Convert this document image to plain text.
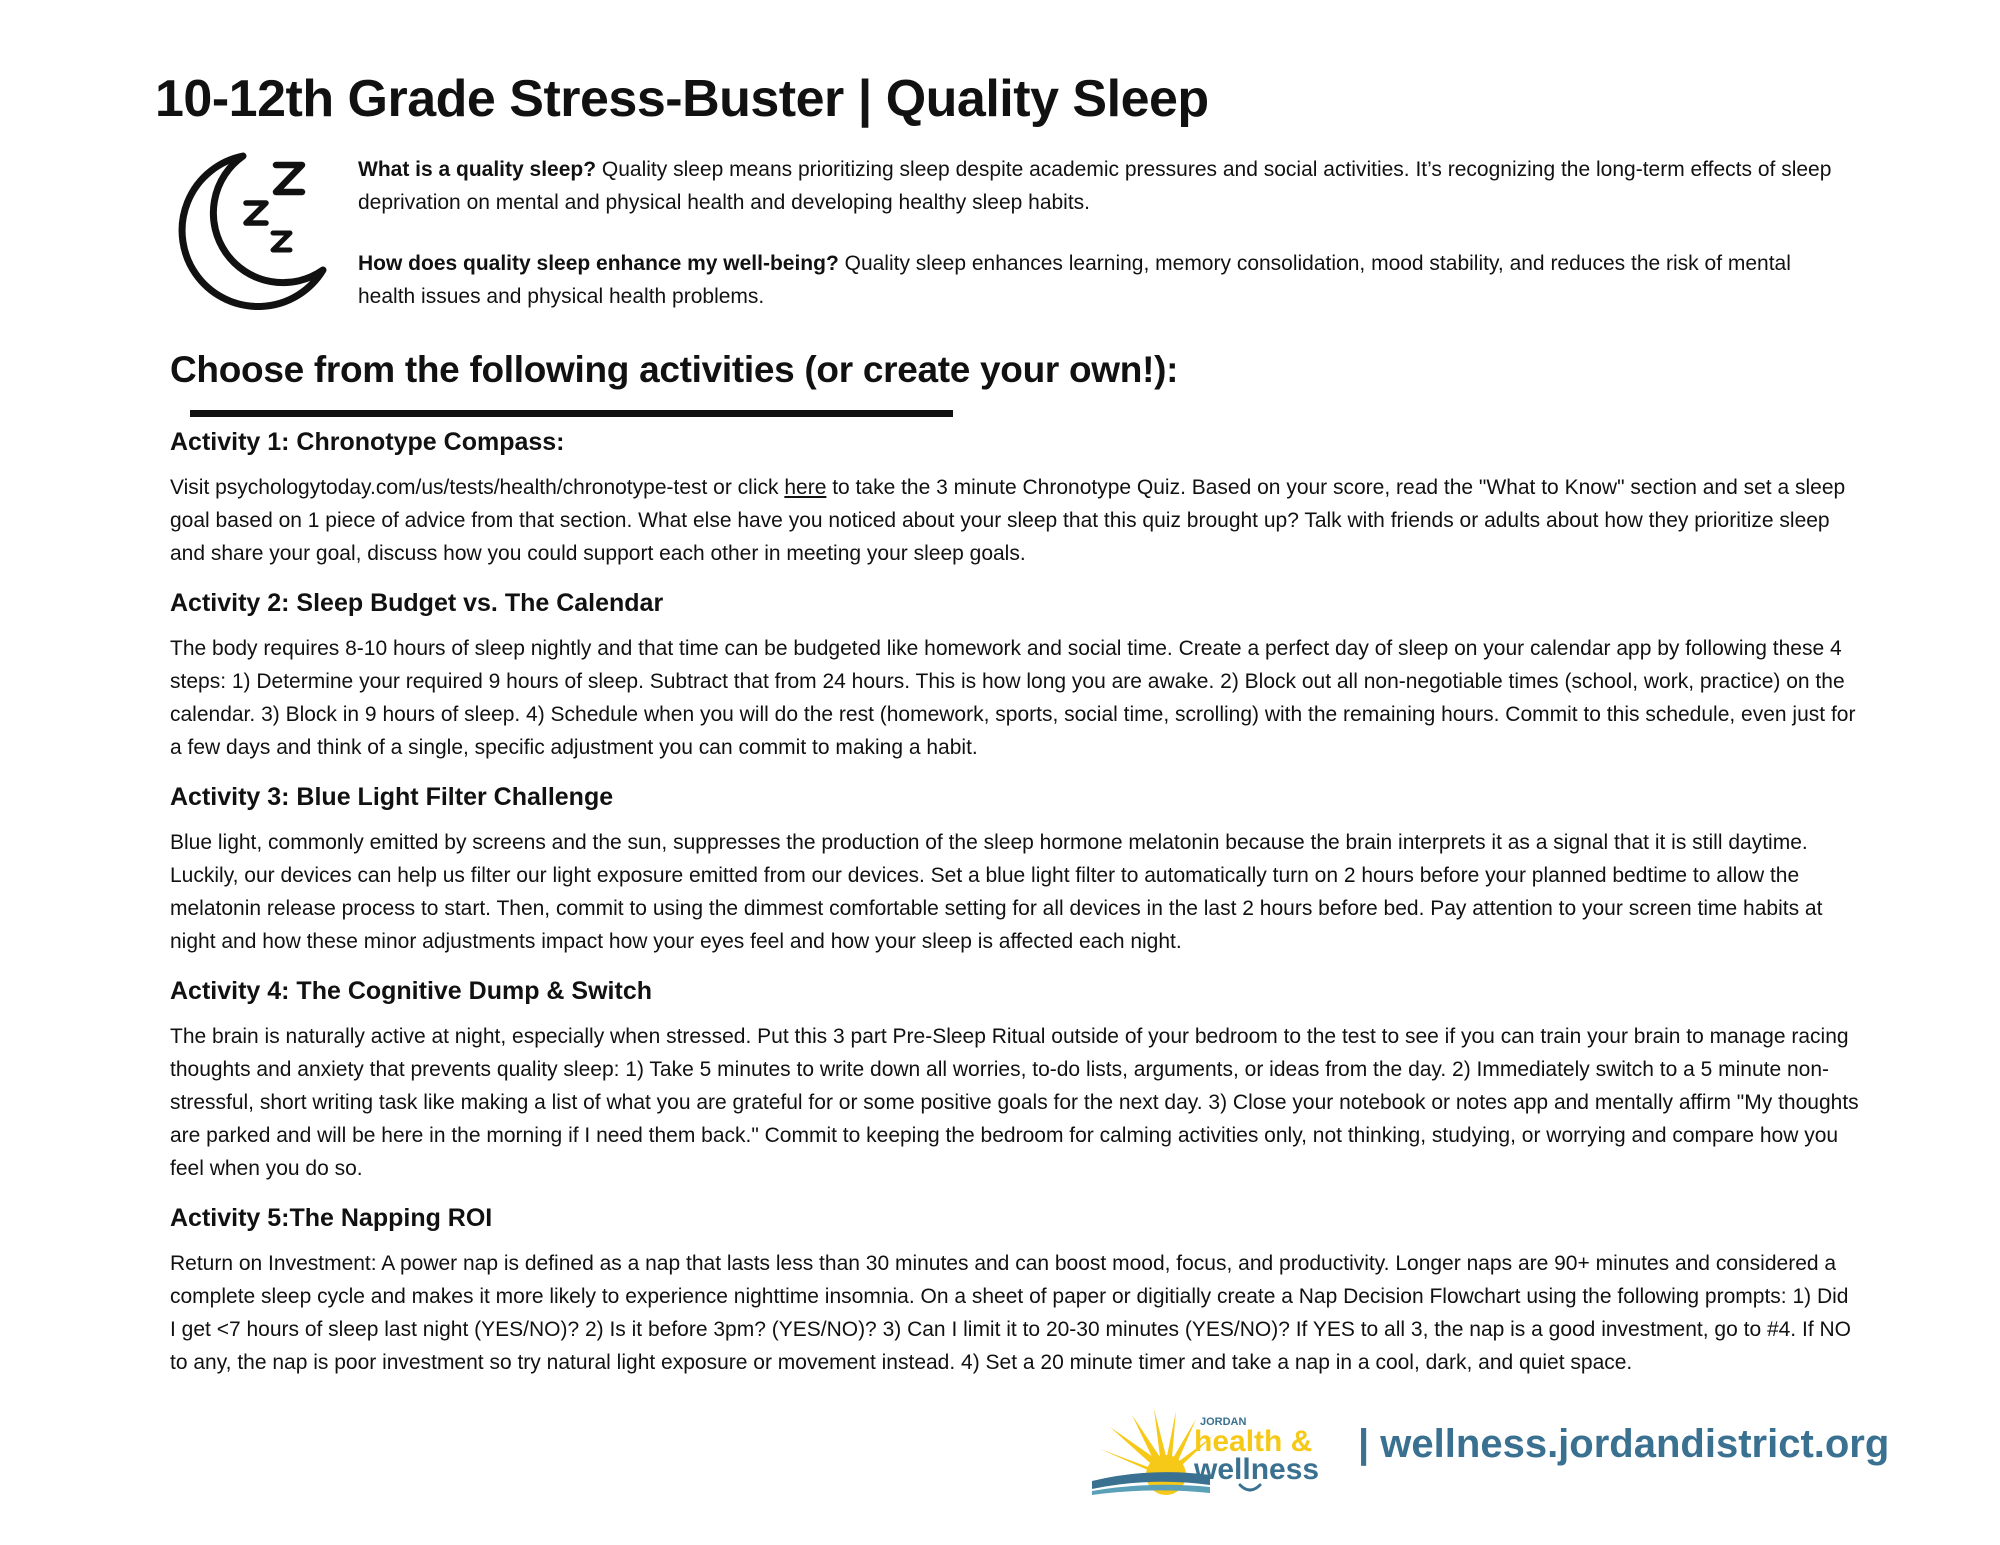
10-12th Grade Stress-Buster | Quality Sleep

What is a quality sleep? Quality sleep means prioritizing sleep despite academic pressures and social activities. It’s recognizing the long-term effects of sleep deprivation on mental and physical health and developing healthy sleep habits.

How does quality sleep enhance my well-being? Quality sleep enhances learning, memory consolidation, mood stability, and reduces the risk of mental health issues and physical health problems.

Choose from the following activities (or create your own!):
Activity 1: Chronotype Compass:

Visit psychologytoday.com/us/tests/health/chronotype-test or click here to take the 3 minute Chronotype Quiz. Based on your score, read the "What to Know" section and set a sleep goal based on 1 piece of advice from that section. What else have you noticed about your sleep that this quiz brought up? Talk with friends or adults about how they prioritize sleep and share your goal, discuss how you could support each other in meeting your sleep goals.

Activity 2: Sleep Budget vs. The Calendar

The body requires 8-10 hours of sleep nightly and that time can be budgeted like homework and social time. Create a perfect day of sleep on your calendar app by following these 4 steps: 1) Determine your required 9 hours of sleep. Subtract that from 24 hours. This is how long you are awake. 2) Block out all non-negotiable times (school, work, practice) on the calendar. 3) Block in 9 hours of sleep. 4) Schedule when you will do the rest (homework, sports, social time, scrolling) with the remaining hours. Commit to this schedule, even just for a few days and think of a single, specific adjustment you can commit to making a habit.

Activity 3: Blue Light Filter Challenge

Blue light, commonly emitted by screens and the sun, suppresses the production of the sleep hormone melatonin because the brain interprets it as a signal that it is still daytime. Luckily, our devices can help us filter our light exposure emitted from our devices. Set a blue light filter to automatically turn on 2 hours before your planned bedtime to allow the melatonin release process to start. Then, commit to using the dimmest comfortable setting for all devices in the last 2 hours before bed. Pay attention to your screen time habits at night and how these minor adjustments impact how your eyes feel and how your sleep is affected each night.

Activity 4: The Cognitive Dump & Switch

The brain is naturally active at night, especially when stressed. Put this 3 part Pre-Sleep Ritual outside of your bedroom to the test to see if you can train your brain to manage racing thoughts and anxiety that prevents quality sleep: 1) Take 5 minutes to write down all worries, to-do lists, arguments, or ideas from the day. 2) Immediately switch to a 5 minute non-stressful, short writing task like making a list of what you are grateful for or some positive goals for the next day. 3) Close your notebook or notes app and mentally affirm "My thoughts are parked and will be here in the morning if I need them back." Commit to keeping the bedroom for calming activities only, not thinking, studying, or worrying and compare how you feel when you do so.

Activity 5:The Napping ROI

Return on Investment: A power nap is defined as a nap that lasts less than 30 minutes and can boost mood, focus, and productivity. Longer naps are 90+ minutes and considered a complete sleep cycle and makes it more likely to experience nighttime insomnia. On a sheet of paper or digitially create a Nap Decision Flowchart using the following prompts: 1) Did I get <7 hours of sleep last night (YES/NO)? 2) Is it before 3pm? (YES/NO)? 3) Can I limit it to 20-30 minutes (YES/NO)? If YES to all 3, the nap is a good investment, go to #4. If NO to any, the nap is poor investment so try natural light exposure or movement instead. 4) Set a 20 minute timer and take a nap in a cool, dark, and quiet space.

JORDAN
health &
wellness
| wellness.jordandistrict.org
